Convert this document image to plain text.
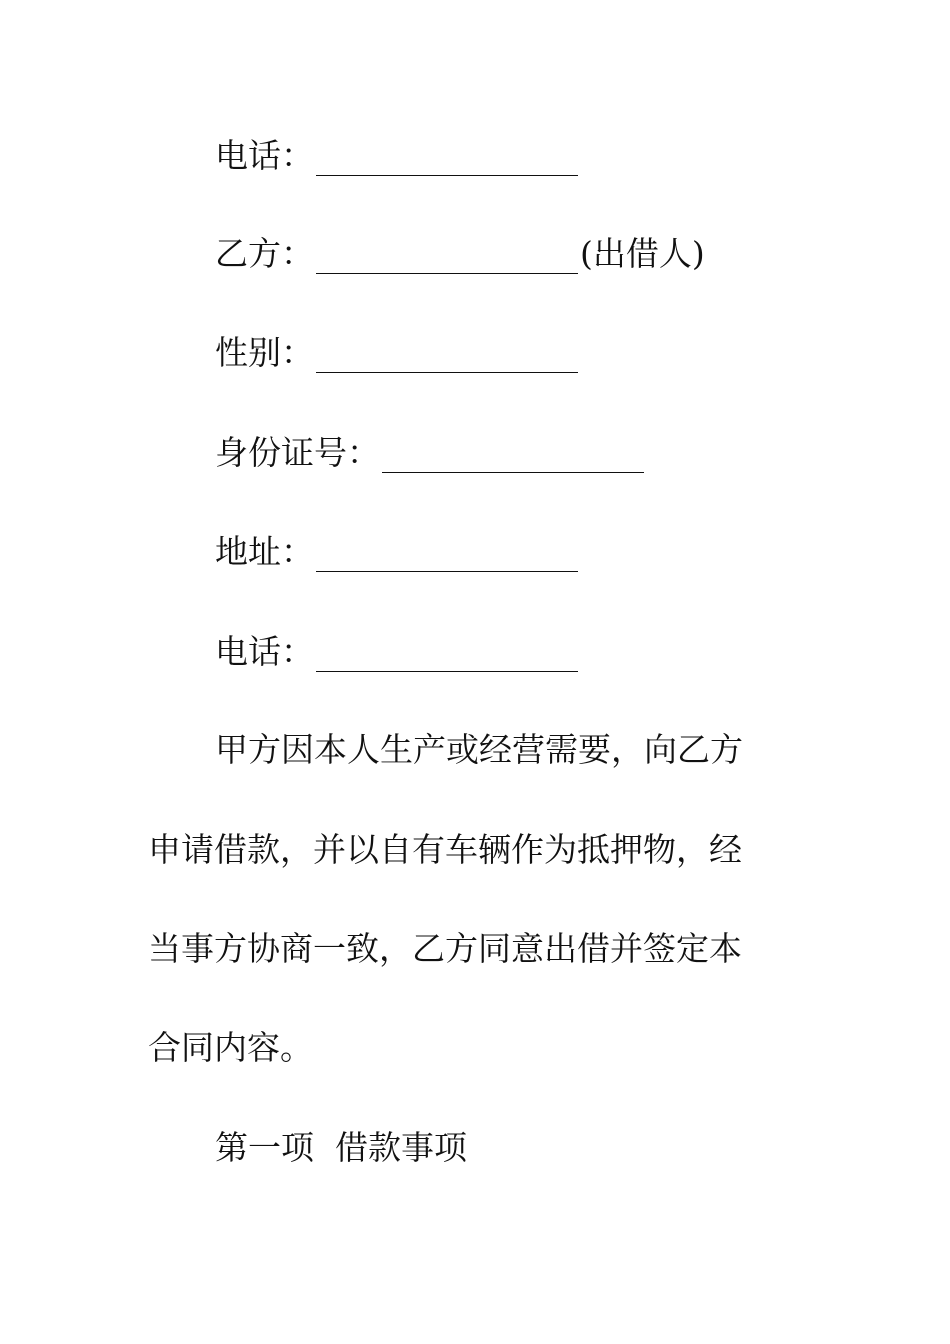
电话：
乙方：	(出借人)
性别：
身份证号：
地址：
电话：
甲方因本人生产或经营需要，向乙方
申请借款，并以自有车辆作为抵押物，经
当事方协商一致，乙方同意出借并签定本
合同内容。
第一项  借款事项
